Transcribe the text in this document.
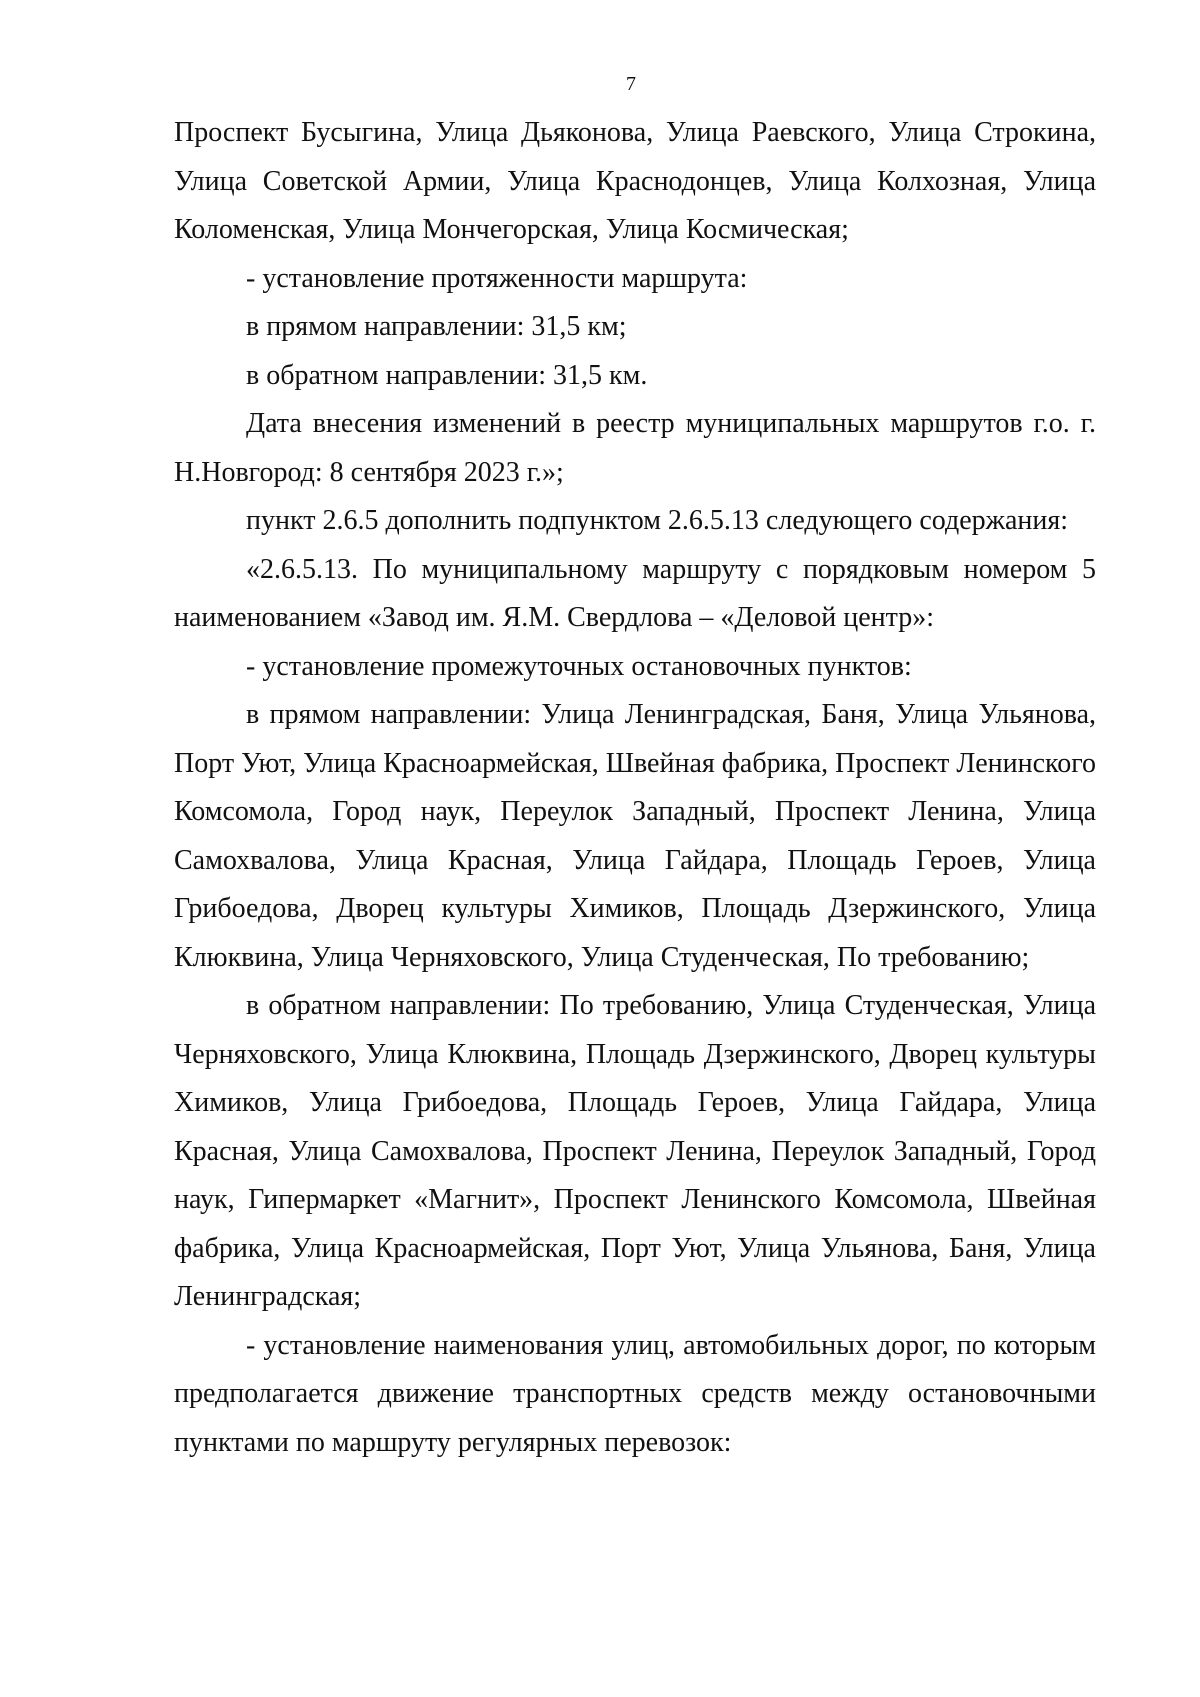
7

Проспект Бусыгина, Улица Дьяконова, Улица Раевского, Улица Строкина, Улица Советской Армии, Улица Краснодонцев, Улица Колхозная, Улица Коломенская, Улица Мончегорская, Улица Космическая;

- установление протяженности маршрута:

в прямом направлении: 31,5 км;

в обратном направлении: 31,5 км.

Дата внесения изменений в реестр муниципальных маршрутов г.о. г. Н.Новгород: 8 сентября 2023 г.»;

пункт 2.6.5 дополнить подпунктом 2.6.5.13 следующего содержания:

«2.6.5.13. По муниципальному маршруту с порядковым номером 5 наименованием «Завод им. Я.М. Свердлова – «Деловой центр»:

- установление промежуточных остановочных пунктов:

в прямом направлении: Улица Ленинградская, Баня, Улица Ульянова, Порт Уют, Улица Красноармейская, Швейная фабрика, Проспект Ленинского Комсомола, Город наук, Переулок Западный, Проспект Ленина, Улица Самохвалова, Улица Красная, Улица Гайдара, Площадь Героев, Улица Грибоедова, Дворец культуры Химиков, Площадь Дзержинского, Улица Клюквина, Улица Черняховского, Улица Студенческая, По требованию;

в обратном направлении: По требованию, Улица Студенческая, Улица Черняховского, Улица Клюквина, Площадь Дзержинского, Дворец культуры Химиков, Улица Грибоедова, Площадь Героев, Улица Гайдара, Улица Красная, Улица Самохвалова, Проспект Ленина, Переулок Западный, Город наук, Гипермаркет «Магнит», Проспект Ленинского Комсомола, Швейная фабрика, Улица Красноармейская, Порт Уют, Улица Ульянова, Баня, Улица Ленинградская;

- установление наименования улиц, автомобильных дорог, по которым предполагается движение транспортных средств между остановочными пунктами по маршруту регулярных перевозок:
